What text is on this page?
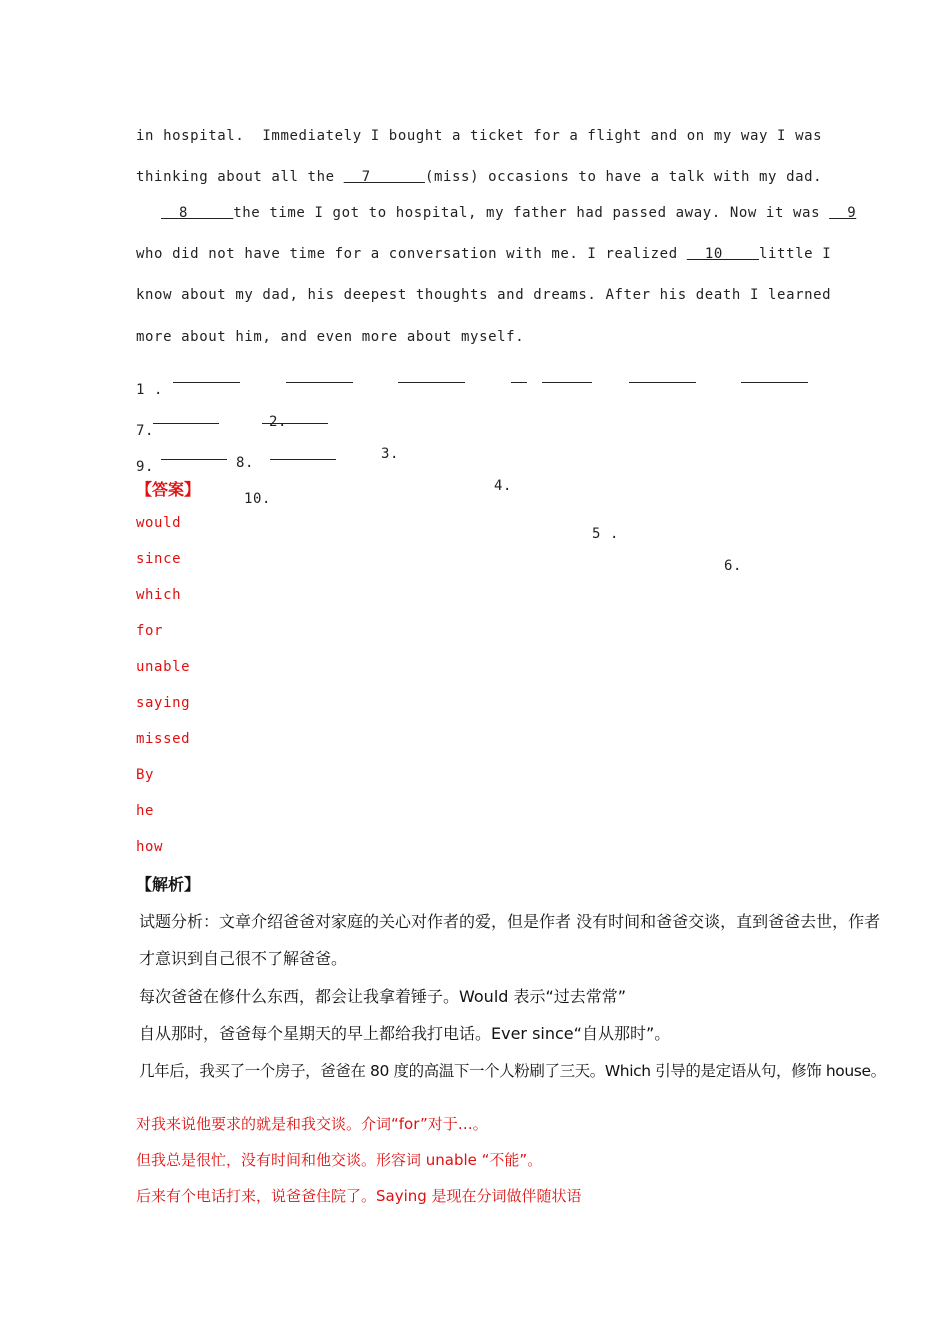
in hospital.  Immediately I bought a ticket for a flight and on my way I was
thinking about all the   7      (miss) occasions to have a talk with my dad.
8     the time I got to hospital, my father had passed away. Now it was   9
who did not have time for a conversation with me. I realized   10    little I
know about my dad, his deepest thoughts and dreams. After his death I learned
more about him, and even more about myself.

1 .

2.

3.

4.

5 .

6.

7.

8.

9.

10.

【答案】
would
since
which
for
unable
saying
missed
By
he
how
【解析】
试题分析：文章介绍爸爸对家庭的关心对作者的爱，但是作者 没有时间和爸爸交谈，直到爸爸去世，作者
才意识到自己很不了解爸爸。
每次爸爸在修什么东西，都会让我拿着锤子。Would 表示“过去常常”
自从那时，爸爸每个星期天的早上都给我打电话。Ever since“自从那时”。
几年后，我买了一个房子，爸爸在 80 度的高温下一个人粉刷了三天。Which 引导的是定语从句，修饰 house。
对我来说他要求的就是和我交谈。介词“for”对于…。
但我总是很忙，没有时间和他交谈。形容词 unable “不能”。
后来有个电话打来，说爸爸住院了。Saying 是现在分词做伴随状语
